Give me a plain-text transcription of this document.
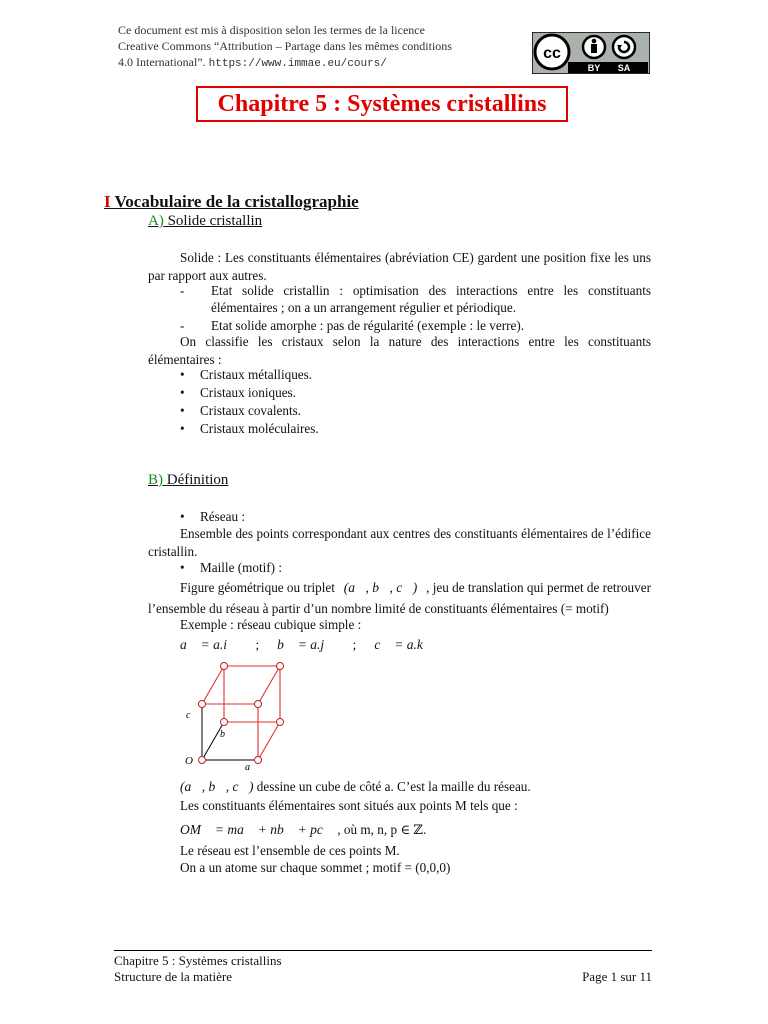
Ce document est mis à disposition selon les termes de la licence
Creative Commons “Attribution – Partage dans les mêmes conditions
4.0 International”. https://www.immae.eu/cours/
cc
BY SA
Chapitre 5 : Systèmes cristallins
I Vocabulaire de la cristallographie
A) Solide cristallin
Solide : Les constituants élémentaires (abréviation CE) gardent une position fixe les uns par rapport aux autres.
- Etat solide cristallin : optimisation des interactions entre les constituants
élémentaires ; on a un arrangement régulier et périodique.
- Etat solide amorphe : pas de régularité (exemple : le verre).
On classifie les cristaux selon la nature des interactions entre les constituants élémentaires :
• Cristaux métalliques.
• Cristaux ioniques.
• Cristaux covalents.
• Cristaux moléculaires.
B) Définition
• Réseau :
Ensemble des points correspondant aux centres des constituants élémentaires de l’édifice cristallin.
• Maille (motif) :
Figure géométrique ou triplet (a⃗, b⃗, c⃗) , jeu de translation qui permet de retrouver
l’ensemble du réseau à partir d’un nombre limité de constituants élémentaires (= motif)
Exemple : réseau cubique simple :
a⃗ = a.i⃗ ; b⃗ = a.j⃗ ; c⃗ = a.k⃗
O
c⃗
b⃗
a⃗
(a⃗, b⃗, c⃗) dessine un cube de côté a. C’est la maille du réseau.
Les constituants élémentaires sont situés aux points M tels que :
OM⃗ = ma⃗ + nb⃗ + pc⃗ , où m, n, p ∈ ℤ.
Le réseau est l’ensemble de ces points M.
On a un atome sur chaque sommet ; motif = (0,0,0)
Chapitre 5 : Systèmes cristallins
Structure de la matière	Page 1 sur 11
